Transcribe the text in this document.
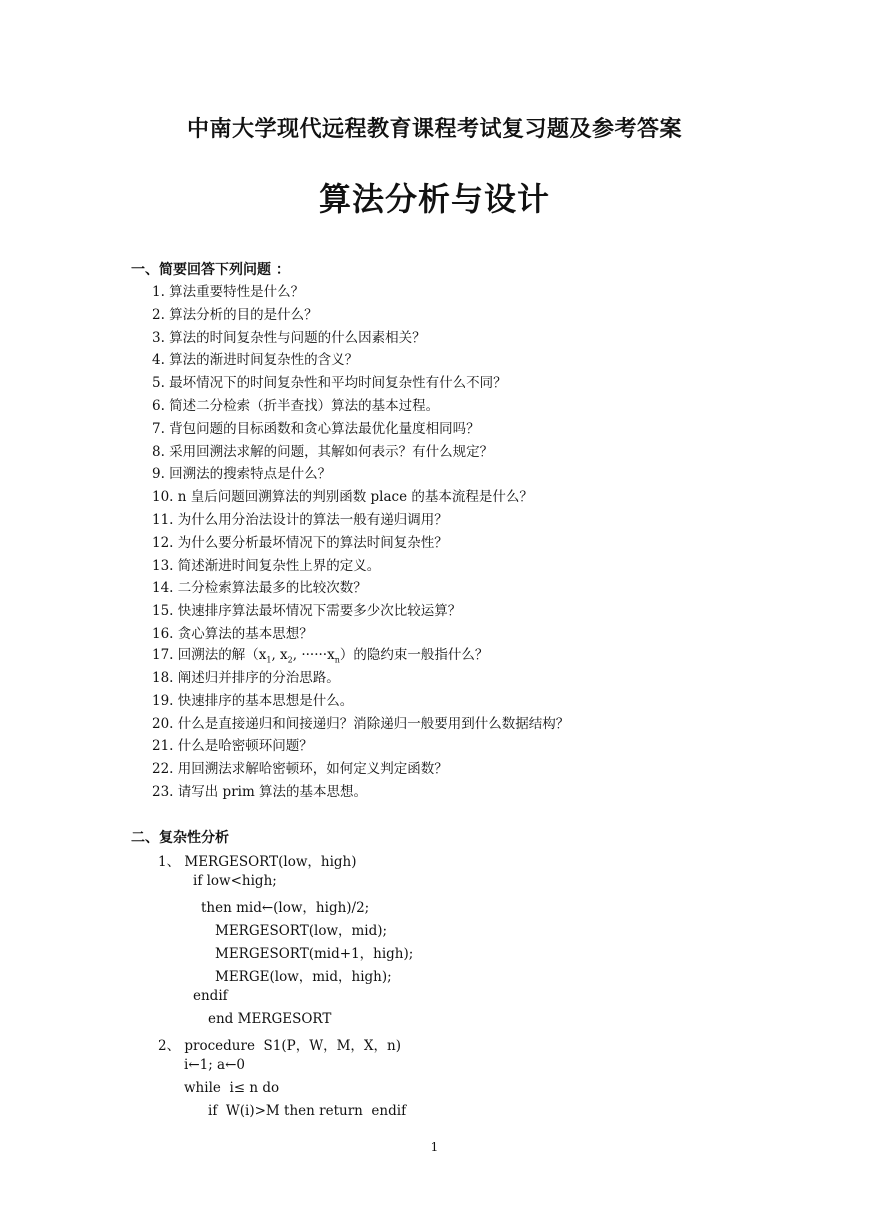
中南大学现代远程教育课程考试复习题及参考答案
算法分析与设计
一、简要回答下列问题 ：
1. 算法重要特性是什么？
2. 算法分析的目的是什么？
3. 算法的时间复杂性与问题的什么因素相关？
4. 算法的渐进时间复杂性的含义？
5. 最坏情况下的时间复杂性和平均时间复杂性有什么不同？
6. 简述二分检索（折半查找）算法的基本过程。
7. 背包问题的目标函数和贪心算法最优化量度相同吗？
8. 采用回溯法求解的问题，其解如何表示？有什么规定？
9. 回溯法的搜索特点是什么？
10. n 皇后问题回溯算法的判别函数 place 的基本流程是什么？
11. 为什么用分治法设计的算法一般有递归调用？
12. 为什么要分析最坏情况下的算法时间复杂性？
13. 简述渐进时间复杂性上界的定义。
14. 二分检索算法最多的比较次数？
15. 快速排序算法最坏情况下需要多少次比较运算？
16. 贪心算法的基本思想？
17. 回溯法的解（$x_1$, $x_2$, $\cdot\cdot\cdot\cdot\cdot\cdot x_n$）的隐约束一般指什么？
18. 阐述归并排序的分治思路。
19. 快速排序的基本思想是什么。
20. 什么是直接递归和间接递归？消除递归一般要用到什么数据结构？
21. 什么是哈密顿环问题？
22. 用回溯法求解哈密顿环，如何定义判定函数？
23. 请写出 prim 算法的基本思想。
二、复杂性分析
1、 MERGESORT(low，high)
if low<high;
then mid←(low，high)/2;
MERGESORT(low，mid);
MERGESORT(mid+1，high);
MERGE(low，mid，high);
endif
end MERGESORT
2、 procedure  S1(P，W，M，X，n)
i←1; a←0
while  i≤ n do
if  W(i)>M then return  endif
1
